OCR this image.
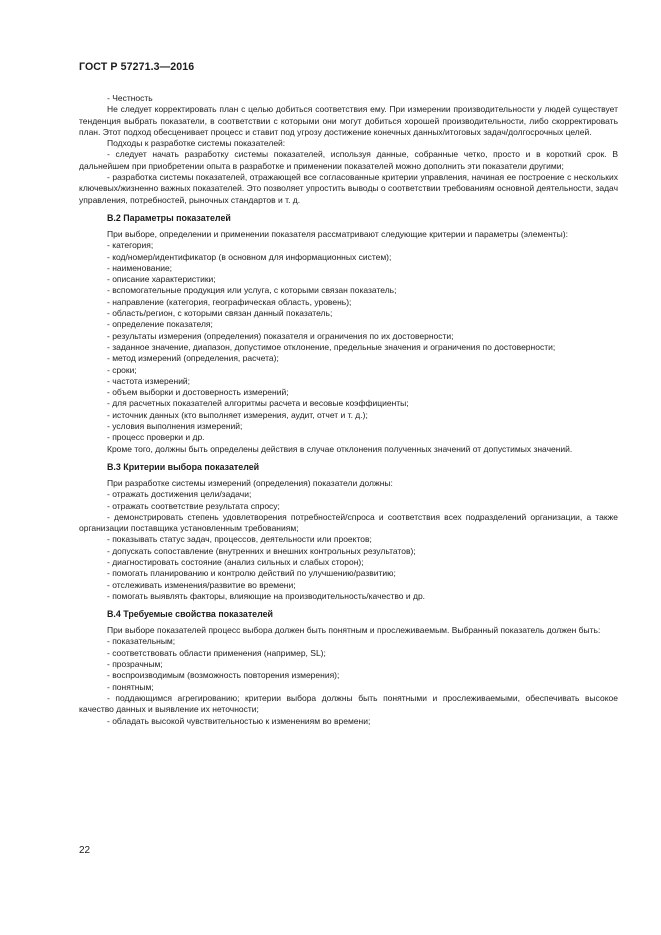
ГОСТ Р 57271.3—2016

- Честность

Не следует корректировать план с целью добиться соответствия ему. При измерении производительности у людей существует тенденция выбрать показатели, в соответствии с которыми они могут добиться хорошей производительности, либо скорректировать план. Этот подход обесценивает процесс и ставит под угрозу достижение конечных данных/итоговых задач/долгосрочных целей.

Подходы к разработке системы показателей:

- следует начать разработку системы показателей, используя данные, собранные четко, просто и в короткий срок. В дальнейшем при приобретении опыта в разработке и применении показателей можно дополнить эти показатели другими;

- разработка системы показателей, отражающей все согласованные критерии управления, начиная ее построение с нескольких ключевых/жизненно важных показателей. Это позволяет упростить выводы о соответствии требованиям основной деятельности, задач управления, потребностей, рыночных стандартов и т. д.

В.2 Параметры показателей

При выборе, определении и применении показателя рассматривают следующие критерии и параметры (элементы):

- категория;

- код/номер/идентификатор (в основном для информационных систем);

- наименование;

- описание характеристики;

- вспомогательные продукция или услуга, с которыми связан показатель;

- направление (категория, географическая область, уровень);

- область/регион, с которыми связан данный показатель;

- определение показателя;

- результаты измерения (определения) показателя и ограничения по их достоверности;

- заданное значение, диапазон, допустимое отклонение, предельные значения и ограничения по достоверности;

- метод измерений (определения, расчета);

- сроки;

- частота измерений;

- объем выборки и достоверность измерений;

- для расчетных показателей алгоритмы расчета и весовые коэффициенты;

- источник данных (кто выполняет измерения, аудит, отчет и т. д.);

- условия выполнения измерений;

- процесс проверки и др.

Кроме того, должны быть определены действия в случае отклонения полученных значений от допустимых значений.

В.3 Критерии выбора показателей

При разработке системы измерений (определения) показатели должны:

- отражать достижения цели/задачи;

- отражать соответствие результата спросу;

- демонстрировать степень удовлетворения потребностей/спроса и соответствия всех подразделений организации, а также организации поставщика установленным требованиям;

- показывать статус задач, процессов, деятельности или проектов;

- допускать сопоставление (внутренних и внешних контрольных результатов);

- диагностировать состояние (анализ сильных и слабых сторон);

- помогать планированию и контролю действий по улучшению/развитию;

- отслеживать изменения/развитие во времени;

- помогать выявлять факторы, влияющие на производительность/качество и др.

В.4 Требуемые свойства показателей

При выборе показателей процесс выбора должен быть понятным и прослеживаемым. Выбранный показатель должен быть:

- показательным;

- соответствовать области применения (например, SL);

- прозрачным;

- воспроизводимым (возможность повторения измерения);

- понятным;

- поддающимся агрегированию; критерии выбора должны быть понятными и прослеживаемыми, обеспечивать высокое качество данных и выявление их неточности;

- обладать высокой чувствительностью к изменениям во времени;

22
